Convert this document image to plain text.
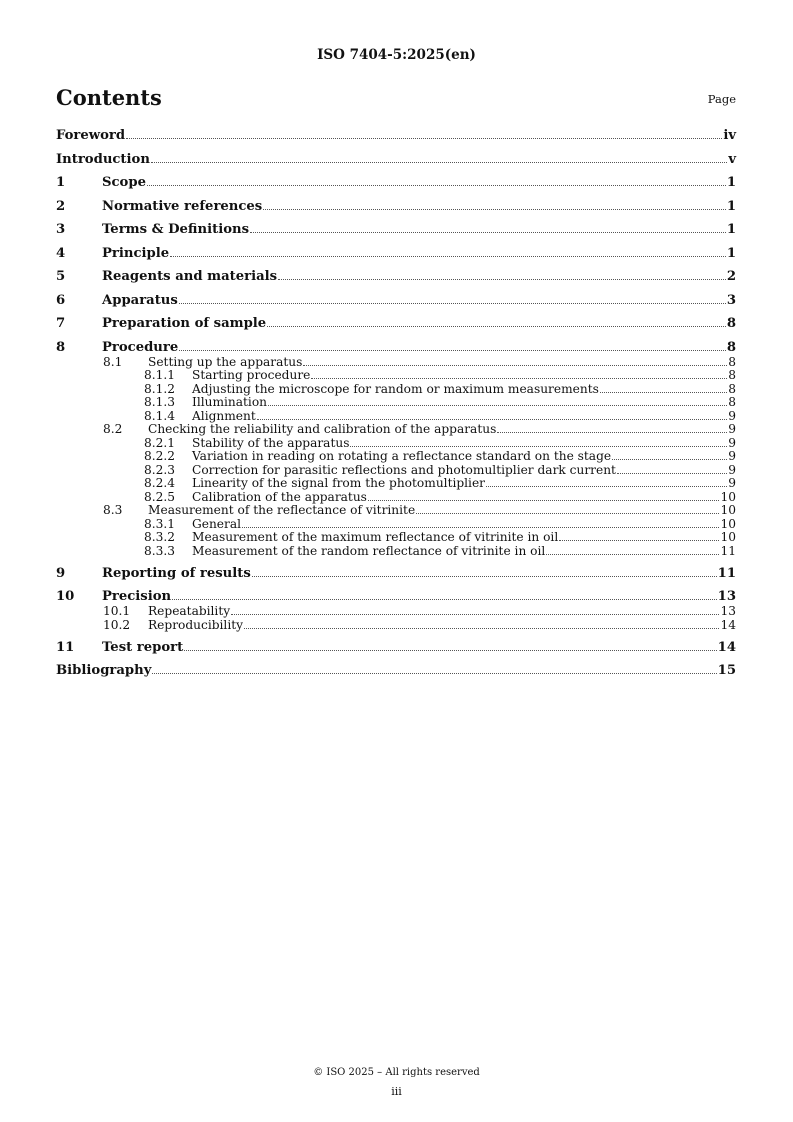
ISO 7404-5:2025(en)
Contents	Page
Foreword	iv
Introduction	v
1	Scope	1
2	Normative references	1
3	Terms & Definitions	1
4	Principle	1
5	Reagents and materials	2
6	Apparatus	3
7	Preparation of sample	8
8	Procedure	8
8.1	Setting up the apparatus	8
8.1.1	Starting procedure	8
8.1.2	Adjusting the microscope for random or maximum measurements	8
8.1.3	Illumination	8
8.1.4	Alignment	9
8.2	Checking the reliability and calibration of the apparatus	9
8.2.1	Stability of the apparatus	9
8.2.2	Variation in reading on rotating a reflectance standard on the stage	9
8.2.3	Correction for parasitic reflections and photomultiplier dark current	9
8.2.4	Linearity of the signal from the photomultiplier	9
8.2.5	Calibration of the apparatus	10
8.3	Measurement of the reflectance of vitrinite	10
8.3.1	General	10
8.3.2	Measurement of the maximum reflectance of vitrinite in oil	10
8.3.3	Measurement of the random reflectance of vitrinite in oil	11
9	Reporting of results	11
10	Precision	13
10.1	Repeatability	13
10.2	Reproducibility	14
11	Test report	14
Bibliography	15
© ISO 2025 – All rights reserved
iii
